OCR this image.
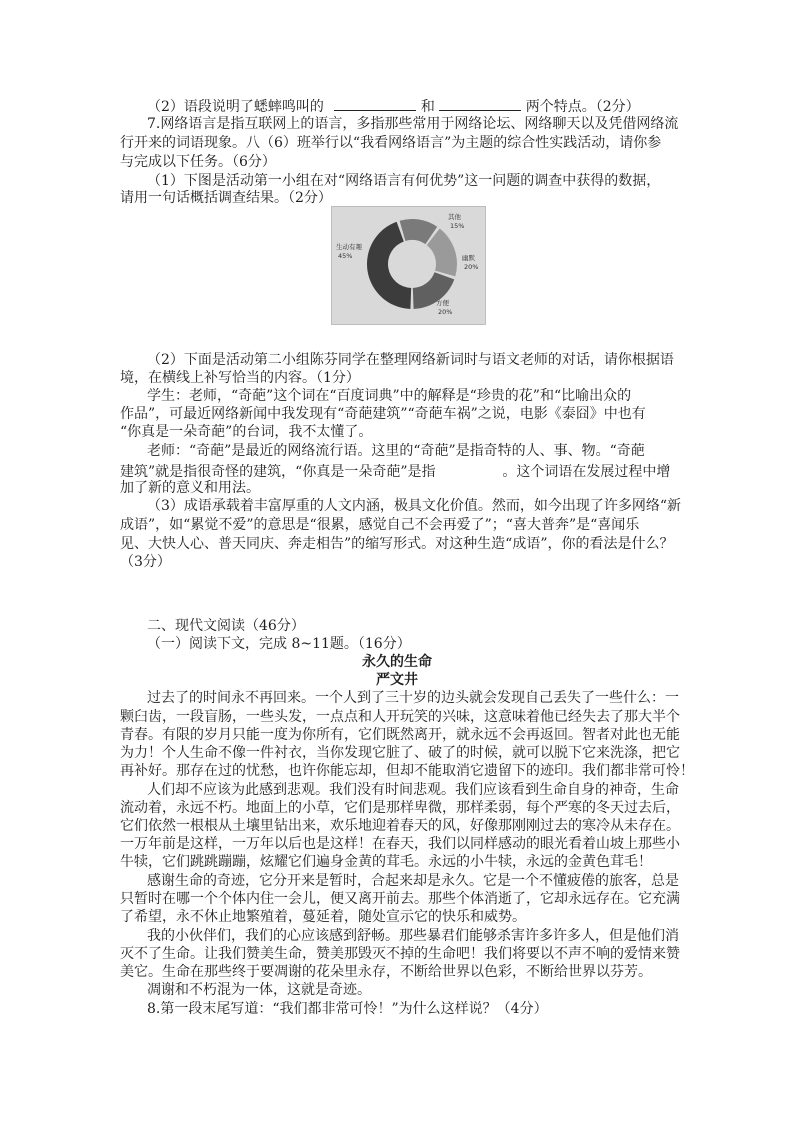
（2）语段说明了蟋蟀鸣叫的	和	两个特点。（2分）
7.网络语言是指互联网上的语言，多指那些常用于网络论坛、网络聊天以及凭借网络流
行开来的词语现象。八（6）班举行以“我看网络语言”为主题的综合性实践活动，请你参
与完成以下任务。（6分）
（1）下图是活动第一小组在对“网络语言有何优势”这一问题的调查中获得的数据，
请用一句话概括调查结果。（2分）
生动有趣
45%
其他
15%
幽默
20%
方便
20%
（2）下面是活动第二小组陈芬同学在整理网络新词时与语文老师的对话，请你根据语
境，在横线上补写恰当的内容。（1分）
学生：老师，“奇葩”这个词在“百度词典”中的解释是“珍贵的花”和“比喻出众的
作品”，可最近网络新闻中我发现有“奇葩建筑”“奇葩车祸”之说，电影《泰囧》中也有
“你真是一朵奇葩”的台词，我不太懂了。
老师：“奇葩”是最近的网络流行语。这里的“奇葩”是指奇特的人、事、物。“奇葩
建筑”就是指很奇怪的建筑，“你真是一朵奇葩”是指	。这个词语在发展过程中增
加了新的意义和用法。
（3）成语承载着丰富厚重的人文内涵，极具文化价值。然而，如今出现了许多网络“新
成语”，如“累觉不爱”的意思是“很累，感觉自己不会再爱了”；“喜大普奔”是“喜闻乐
见、大快人心、普天同庆、奔走相告”的缩写形式。对这种生造“成语”，你的看法是什么？
（3分）
二、现代文阅读（46分）
（一）阅读下文，完成 8~11题。（16分）
永久的生命
严文井
过去了的时间永不再回来。一个人到了三十岁的边头就会发现自己丢失了一些什么：一
颗臼齿，一段盲肠，一些头发，一点点和人开玩笑的兴味，这意味着他已经失去了那大半个
青春。有限的岁月只能一度为你所有，它们既然离开，就永远不会再返回。智者对此也无能
为力！个人生命不像一件衬衣，当你发现它脏了、破了的时候，就可以脱下它来洗涤，把它
再补好。那存在过的忧愁，也许你能忘却，但却不能取消它遗留下的迹印。我们都非常可怜！
人们却不应该为此感到悲观。我们没有时间悲观。我们应该看到生命自身的神奇，生命
流动着，永远不朽。地面上的小草，它们是那样卑微，那样柔弱，每个严寒的冬天过去后，
它们依然一根根从土壤里钻出来，欢乐地迎着春天的风，好像那刚刚过去的寒冷从未存在。
一万年前是这样，一万年以后也是这样！在春天，我们以同样感动的眼光看着山坡上那些小
牛犊，它们跳跳蹦蹦，炫耀它们遍身金黄的茸毛。永远的小牛犊，永远的金黄色茸毛！
感谢生命的奇迹，它分开来是暂时，合起来却是永久。它是一个不懂疲倦的旅客，总是
只暂时在哪一个个体内住一会儿，便又离开前去。那些个体消逝了，它却永远存在。它充满
了希望，永不休止地繁殖着，蔓延着，随处宣示它的快乐和威势。
我的小伙伴们，我们的心应该感到舒畅。那些暴君们能够杀害许多许多人，但是他们消
灭不了生命。让我们赞美生命，赞美那毁灭不掉的生命吧！我们将要以不声不响的爱情来赞
美它。生命在那些终于要凋谢的花朵里永存，不断给世界以色彩，不断给世界以芬芳。
凋谢和不朽混为一体，这就是奇迹。
8.第一段末尾写道：“我们都非常可怜！”为什么这样说？（4分）
